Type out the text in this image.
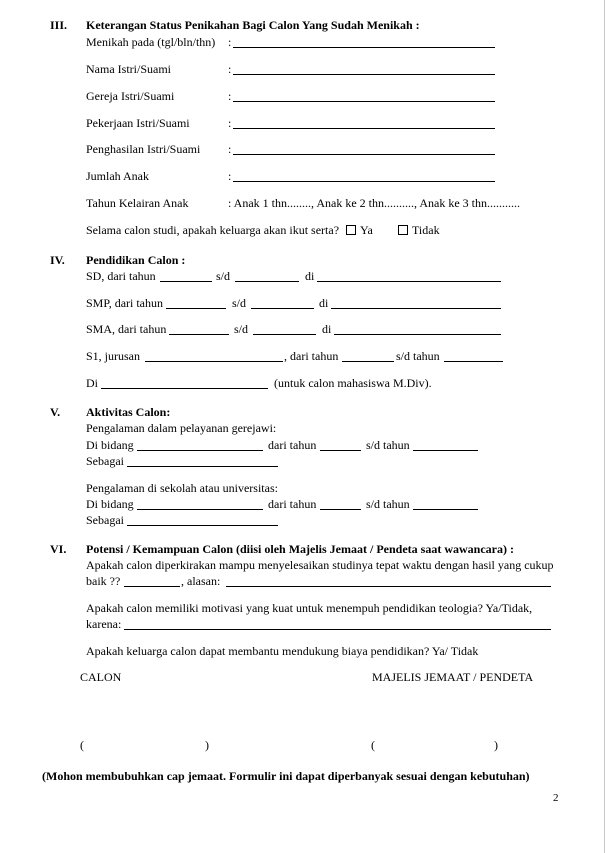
III. Keterangan Status Penikahan Bagi Calon Yang Sudah Menikah :
Menikah pada (tgl/bln/thn) :
Nama Istri/Suami	:
Gereja Istri/Suami	:
Pekerjaan Istri/Suami	:
Penghasilan Istri/Suami :
Jumlah Anak	:
Tahun Kelairan Anak	: Anak 1 thn........, Anak ke 2 thn.........., Anak ke 3 thn...........
Selama calon studi, apakah keluarga akan ikut serta?	Ya	Tidak
IV. Pendidikan Calon :
SD, dari tahun	s/d	di
SMP, dari tahun	s/d	di
SMA, dari tahun	s/d	di
S1, jurusan	, dari tahun	s/d tahun
Di	(untuk calon mahasiswa M.Div).
V. Aktivitas Calon:
Pengalaman dalam pelayanan gerejawi:
Di bidang	dari tahun	s/d tahun
Sebagai
Pengalaman di sekolah atau universitas:
Di bidang	dari tahun	s/d tahun
Sebagai
VI. Potensi / Kemampuan Calon (diisi oleh Majelis Jemaat / Pendeta saat wawancara) :
Apakah calon diperkirakan mampu menyelesaikan studinya tepat waktu dengan hasil yang cukup
baik ??	, alasan:
Apakah calon memiliki motivasi yang kuat untuk menempuh pendidikan teologia? Ya/Tidak,
karena:
Apakah keluarga calon dapat membantu mendukung biaya pendidikan? Ya/ Tidak
CALON	MAJELIS JEMAAT / PENDETA
(	)	(	)
(Mohon membubuhkan cap jemaat. Formulir ini dapat diperbanyak sesuai dengan kebutuhan)
2
